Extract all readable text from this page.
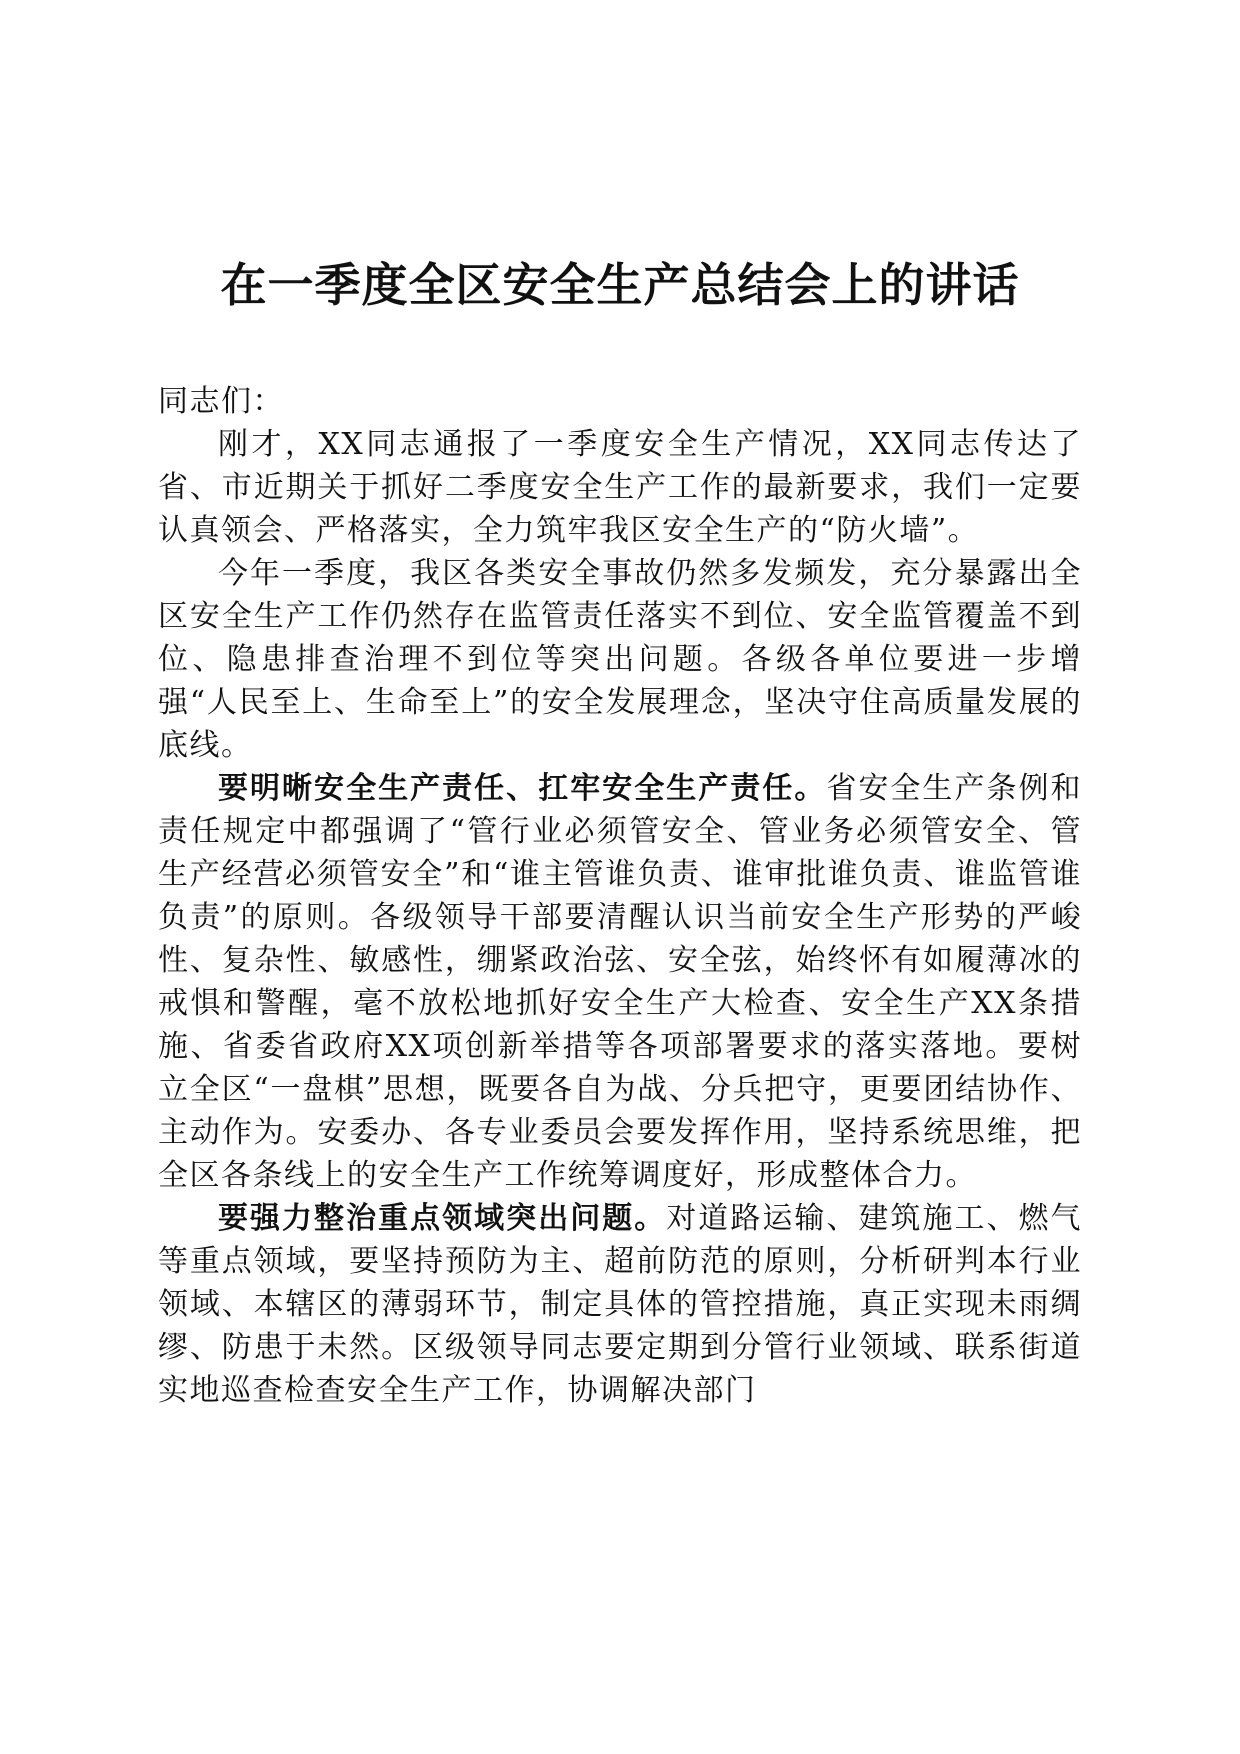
在一季度全区安全生产总结会上的讲话

同志们：

刚才，XX同志通报了一季度安全生产情况，XX同志传达了省、市近期关于抓好二季度安全生产工作的最新要求，我们一定要认真领会、严格落实，全力筑牢我区安全生产的“防火墙”。

今年一季度，我区各类安全事故仍然多发频发，充分暴露出全区安全生产工作仍然存在监管责任落实不到位、安全监管覆盖不到位、隐患排查治理不到位等突出问题。各级各单位要进一步增强“人民至上、生命至上”的安全发展理念，坚决守住高质量发展的底线。

要明晰安全生产责任、扛牢安全生产责任。省安全生产条例和责任规定中都强调了“管行业必须管安全、管业务必须管安全、管生产经营必须管安全”和“谁主管谁负责、谁审批谁负责、谁监管谁负责”的原则。各级领导干部要清醒认识当前安全生产形势的严峻性、复杂性、敏感性，绷紧政治弦、安全弦，始终怀有如履薄冰的戒惧和警醒，毫不放松地抓好安全生产大检查、安全生产XX条措施、省委省政府XX项创新举措等各项部署要求的落实落地。要树立全区“一盘棋”思想，既要各自为战、分兵把守，更要团结协作、主动作为。安委办、各专业委员会要发挥作用，坚持系统思维，把全区各条线上的安全生产工作统筹调度好，形成整体合力。

要强力整治重点领域突出问题。对道路运输、建筑施工、燃气等重点领域，要坚持预防为主、超前防范的原则，分析研判本行业领域、本辖区的薄弱环节，制定具体的管控措施，真正实现未雨绸缪、防患于未然。区级领导同志要定期到分管行业领域、联系街道实地巡查检查安全生产工作，协调解决部门
